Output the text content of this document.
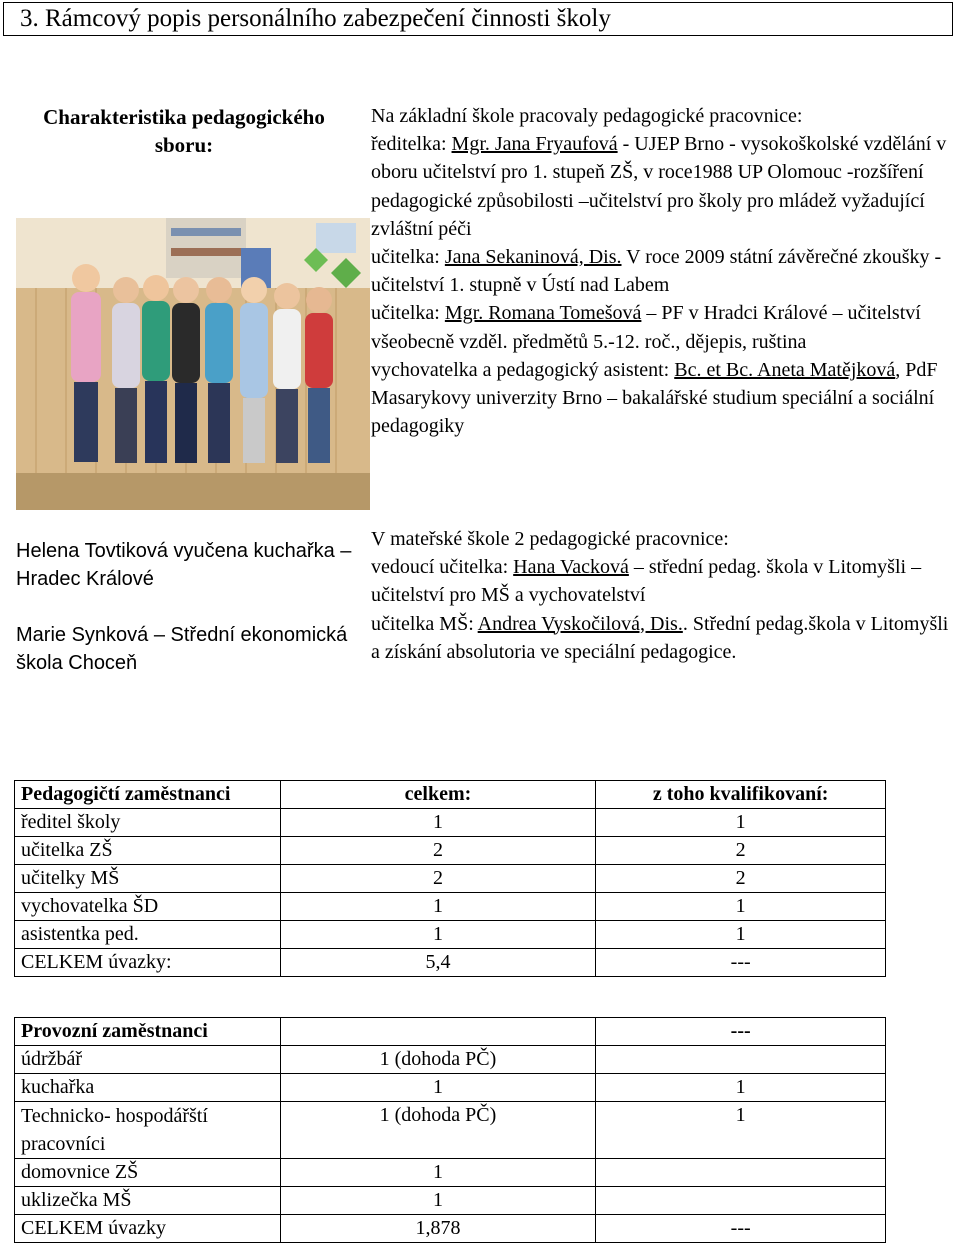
3. Rámcový popis personálního zabezpečení činnosti školy
Charakteristika pedagogického sboru:
Helena Tovtiková vyučena kuchařka – Hradec Králové
Marie Synková – Střední ekonomická škola Choceň
Na základní škole pracovaly pedagogické pracovnice:
ředitelka: Mgr. Jana Fryaufová - UJEP Brno - vysokoškolské vzdělání v oboru učitelství pro 1. stupeň ZŠ, v roce1988 UP Olomouc -rozšíření pedagogické způsobilosti –učitelství pro školy pro mládež vyžadující zvláštní péči
učitelka: Jana Sekaninová, Dis. V roce 2009 státní závěrečné zkoušky - učitelství 1. stupně v Ústí nad Labem
učitelka: Mgr. Romana Tomešová – PF v Hradci Králové – učitelství všeobecně vzděl. předmětů 5.-12. roč., dějepis, ruština
vychovatelka a pedagogický asistent: Bc. et Bc. Aneta Matějková, PdF Masarykovy univerzity Brno – bakalářské studium speciální a sociální pedagogiky
V mateřské škole 2 pedagogické pracovnice:
vedoucí učitelka: Hana Vacková – střední pedag. škola v Litomyšli – učitelství pro MŠ a vychovatelství
učitelka MŠ: Andrea Vyskočilová, Dis.. Střední pedag.škola v Litomyšli a získání absolutoria ve speciální pedagogice.
Pedagogičtí zaměstnanci	celkem:	z toho kvalifikovaní:
ředitel školy	1	1
učitelka ZŠ	2	2
učitelky MŠ	2	2
vychovatelka ŠD	1	1
asistentka ped.	1	1
CELKEM úvazky:	5,4	---
Provozní zaměstnanci		---
údržbář	1 (dohoda PČ)	
kuchařka	1	1
Technicko- hospodářští pracovníci	1 (dohoda PČ)	1
domovnice ZŠ	1	
uklizečka MŠ	1	
CELKEM úvazky	1,878	---
